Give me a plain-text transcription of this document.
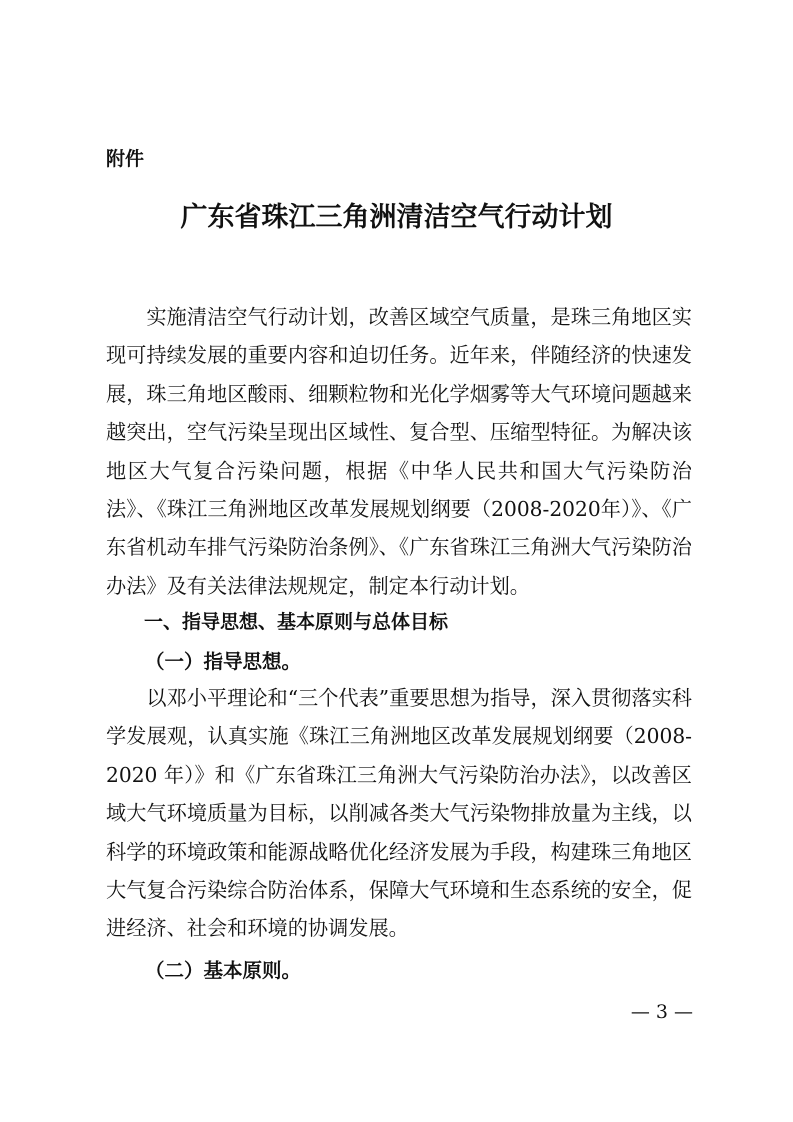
附件

广东省珠江三角洲清洁空气行动计划

实施清洁空气行动计划，改善区域空气质量，是珠三角地区实现可持续发展的重要内容和迫切任务。近年来，伴随经济的快速发展，珠三角地区酸雨、细颗粒物和光化学烟雾等大气环境问题越来越突出，空气污染呈现出区域性、复合型、压缩型特征。为解决该地区大气复合污染问题，根据《中华人民共和国大气污染防治法》、《珠江三角洲地区改革发展规划纲要（2008-2020年）》、《广东省机动车排气污染防治条例》、《广东省珠江三角洲大气污染防治办法》及有关法律法规规定，制定本行动计划。

一、指导思想、基本原则与总体目标
（一）指导思想。

以邓小平理论和“三个代表”重要思想为指导，深入贯彻落实科学发展观，认真实施《珠江三角洲地区改革发展规划纲要（2008-2020 年）》和《广东省珠江三角洲大气污染防治办法》，以改善区域大气环境质量为目标，以削减各类大气污染物排放量为主线，以科学的环境政策和能源战略优化经济发展为手段，构建珠三角地区大气复合污染综合防治体系，保障大气环境和生态系统的安全，促进经济、社会和环境的协调发展。

（二）基本原则。

— 3 —
